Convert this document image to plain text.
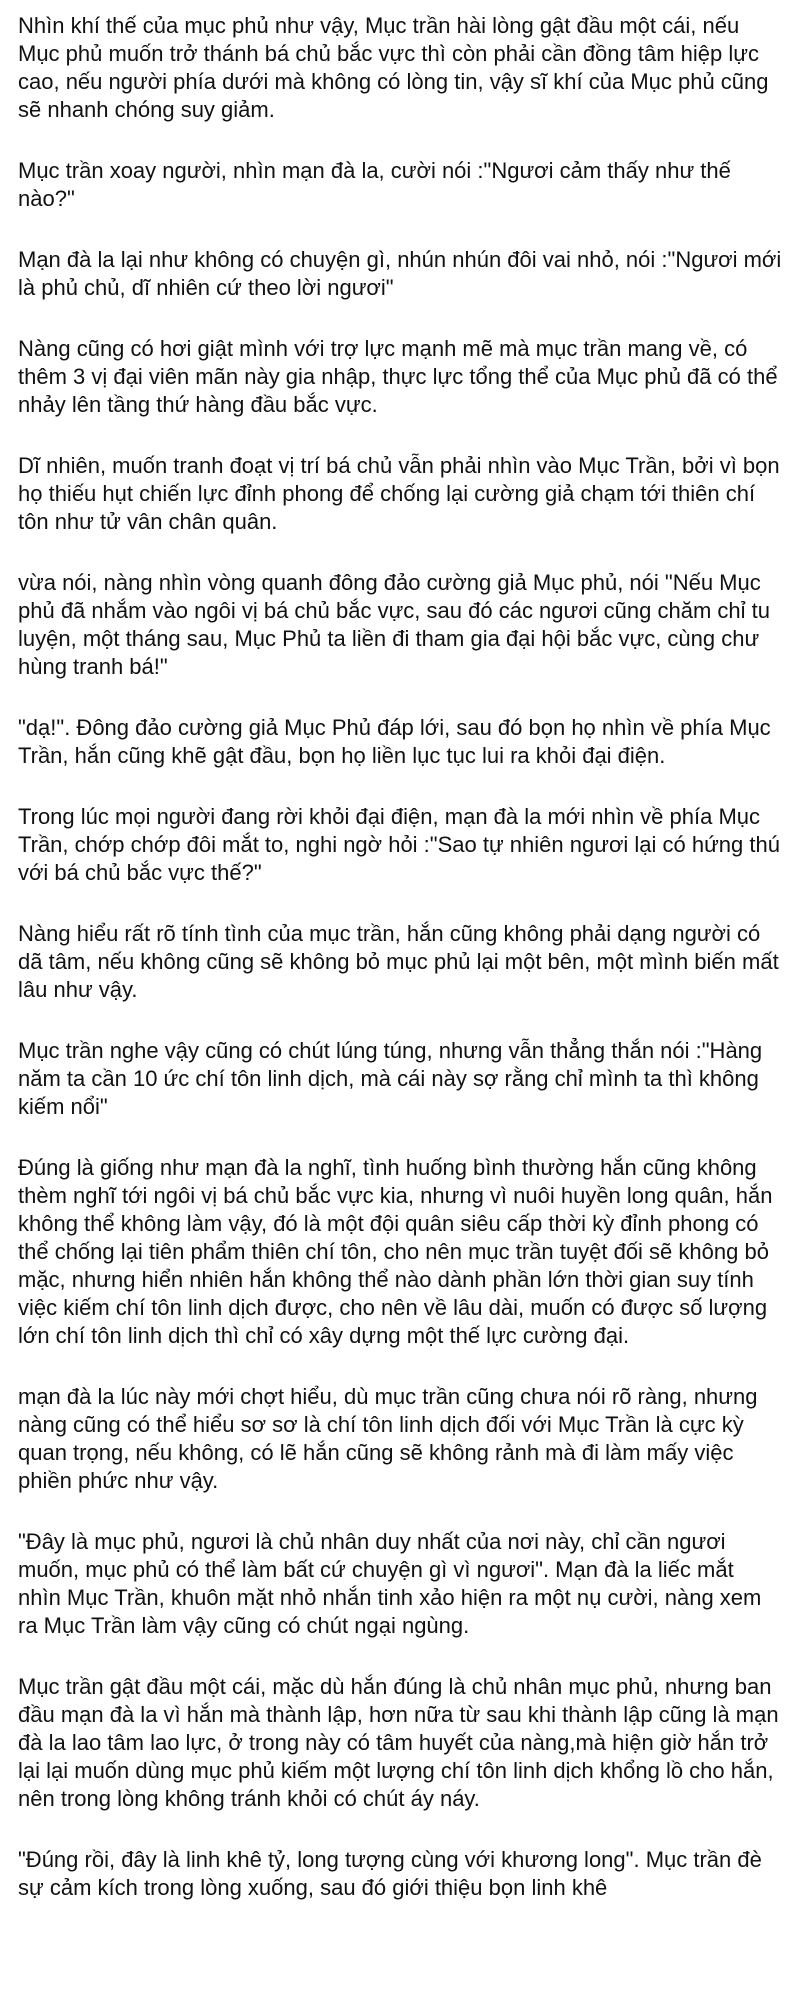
Nhìn khí thế của mục phủ như vậy, Mục trần hài lòng gật đầu một cái, nếu Mục phủ muốn trở thánh bá chủ bắc vực thì còn phải cần đồng tâm hiệp lực cao, nếu người phía dưới mà không có lòng tin, vậy sĩ khí của Mục phủ cũng sẽ nhanh chóng suy giảm.

Mục trần xoay người, nhìn mạn đà la, cười nói :"Ngươi cảm thấy như thế nào?"

Mạn đà la lại như không có chuyện gì, nhún nhún đôi vai nhỏ, nói :"Ngươi mới là phủ chủ, dĩ nhiên cứ theo lời ngươi"

Nàng cũng có hơi giật mình với trợ lực mạnh mẽ mà mục trần mang về, có thêm 3 vị đại viên mãn này gia nhập, thực lực tổng thể của Mục phủ đã có thể nhảy lên tầng thứ hàng đầu bắc vực.

Dĩ nhiên, muốn tranh đoạt vị trí bá chủ vẫn phải nhìn vào Mục Trần, bởi vì bọn họ thiếu hụt chiến lực đỉnh phong để chống lại cường giả chạm tới thiên chí tôn như tử vân chân quân.

vừa nói, nàng nhìn vòng quanh đông đảo cường giả Mục phủ, nói "Nếu Mục phủ đã nhắm vào ngôi vị bá chủ bắc vực, sau đó các ngươi cũng chăm chỉ tu luyện, một tháng sau, Mục Phủ ta liền đi tham gia đại hội bắc vực, cùng chư hùng tranh bá!"

"dạ!". Đông đảo cường giả Mục Phủ đáp lới, sau đó bọn họ nhìn về phía Mục Trần, hắn cũng khẽ gật đầu, bọn họ liền lục tục lui ra khỏi đại điện.

Trong lúc mọi người đang rời khỏi đại điện, mạn đà la mới nhìn về phía Mục Trần, chớp chớp đôi mắt to, nghi ngờ hỏi :"Sao tự nhiên ngươi lại có hứng thú với bá chủ bắc vực thế?"

Nàng hiểu rất rõ tính tình của mục trần, hắn cũng không phải dạng người có dã tâm, nếu không cũng sẽ không bỏ mục phủ lại một bên, một mình biến mất lâu như vậy.

Mục trần nghe vậy cũng có chút lúng túng, nhưng vẫn thẳng thắn nói :"Hàng năm ta cần 10 ức chí tôn linh dịch, mà cái này sợ rằng chỉ mình ta thì không kiếm nổi"

Đúng là giống như mạn đà la nghĩ, tình huống bình thường hắn cũng không thèm nghĩ tới ngôi vị bá chủ bắc vực kia, nhưng vì nuôi huyền long quân, hắn không thể không làm vậy, đó là một đội quân siêu cấp thời kỳ đỉnh phong có thể chống lại tiên phẩm thiên chí tôn, cho nên mục trần tuyệt đối sẽ không bỏ mặc, nhưng hiển nhiên hắn không thể nào dành phần lớn thời gian suy tính việc kiếm chí tôn linh dịch được, cho nên về lâu dài, muốn có được số lượng lớn chí tôn linh dịch thì chỉ có xây dựng một thế lực cường đại.

mạn đà la lúc này mới chợt hiểu, dù mục trần cũng chưa nói rõ ràng, nhưng nàng cũng có thể hiểu sơ sơ là chí tôn linh dịch đối với Mục Trần là cực kỳ quan trọng, nếu không, có lẽ hắn cũng sẽ không rảnh mà đi làm mấy việc phiền phức như vậy.

"Đây là mục phủ, ngươi là chủ nhân duy nhất của nơi này, chỉ cần ngươi muốn, mục phủ có thể làm bất cứ chuyện gì vì ngươi". Mạn đà la liếc mắt nhìn Mục Trần, khuôn mặt nhỏ nhắn tinh xảo hiện ra một nụ cười, nàng xem ra Mục Trần làm vậy cũng có chút ngại ngùng.

Mục trần gật đầu một cái, mặc dù hắn đúng là chủ nhân mục phủ, nhưng ban đầu mạn đà la vì hắn mà thành lập, hơn nữa từ sau khi thành lập cũng là mạn đà la lao tâm lao lực, ở trong này có tâm huyết của nàng,mà hiện giờ hắn trở lại lại muốn dùng mục phủ kiếm một lượng chí tôn linh dịch khổng lồ cho hắn, nên trong lòng không tránh khỏi có chút áy náy.

"Đúng rồi, đây là linh khê tỷ, long tượng cùng với khương long". Mục trần đè sự cảm kích trong lòng xuống, sau đó giới thiệu bọn linh khê
